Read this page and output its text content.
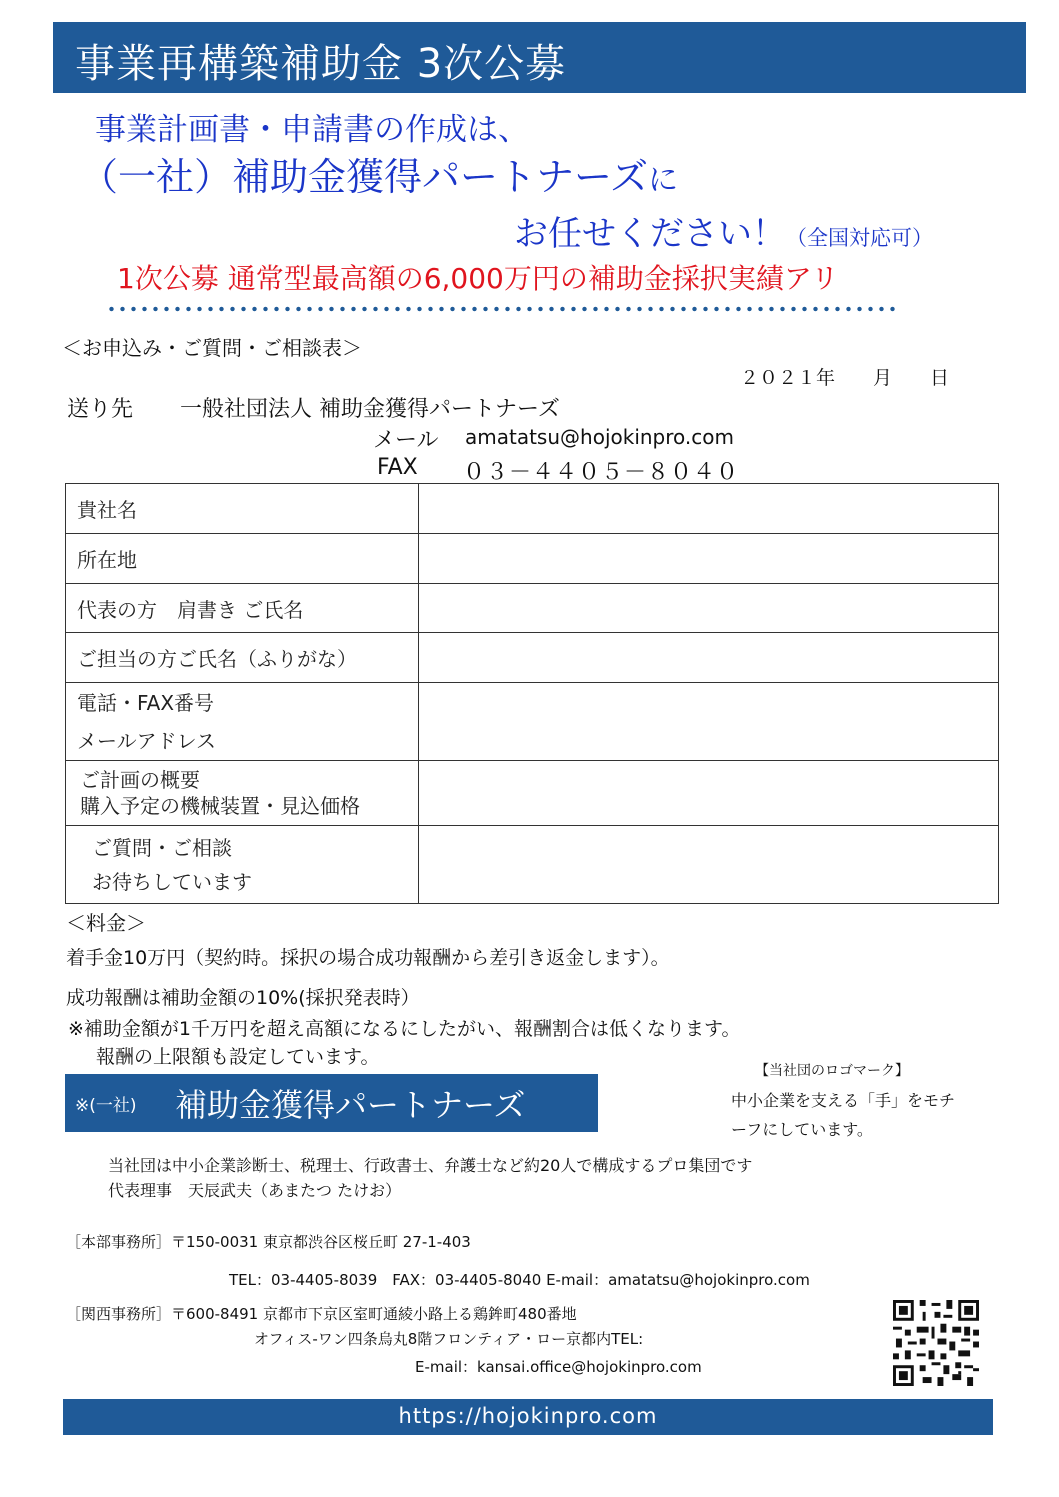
事業再構築補助金 3次公募
事業計画書・申請書の作成は、
（一社）補助金獲得パートナーズに
お任せください！（全国対応可）
1次公募 通常型最高額の6,000万円の補助金採択実績アリ
＜お申込み・ご質問・ご相談表＞
２０２１年　　月　　日
送り先 一般社団法人 補助金獲得パートナーズ
メール amatatsu@hojokinpro.com
FAX ０３－４４０５－８０４０
貴社名	
所在地	
代表の方　肩書き ご氏名	
ご担当の方ご氏名（ふりがな）	

電話・FAX番号
メールアドレス	

ご計画の概要
購入予定の機械装置・見込価格	

ご質問・ご相談
お待ちしています	

＜料金＞
着手金10万円（契約時。採択の場合成功報酬から差引き返金します）。
成功報酬は補助金額の10%(採択発表時）
※補助金額が1千万円を超え高額になるにしたがい、報酬割合は低くなります。
報酬の上限額も設定しています。
※(一社) 補助金獲得パートナーズ
【当社団のロゴマーク】
中小企業を支える「手」をモチ
ーフにしています。
当社団は中小企業診断士、税理士、行政書士、弁護士など約20人で構成するプロ集団です
代表理事　天辰武夫（あまたつ たけお）
［本部事務所］〒150-0031 東京都渋谷区桜丘町 27-1-403
TEL：03-4405-8039　FAX：03-4405-8040 E-mail：amatatsu@hojokinpro.com
［関西事務所］〒600-8491 京都市下京区室町通綾小路上る鶏鉾町480番地
オフィス-ワン四条烏丸8階フロンティア・ロー京都内TEL:
E-mail：kansai.office@hojokinpro.com
https://hojokinpro.com
